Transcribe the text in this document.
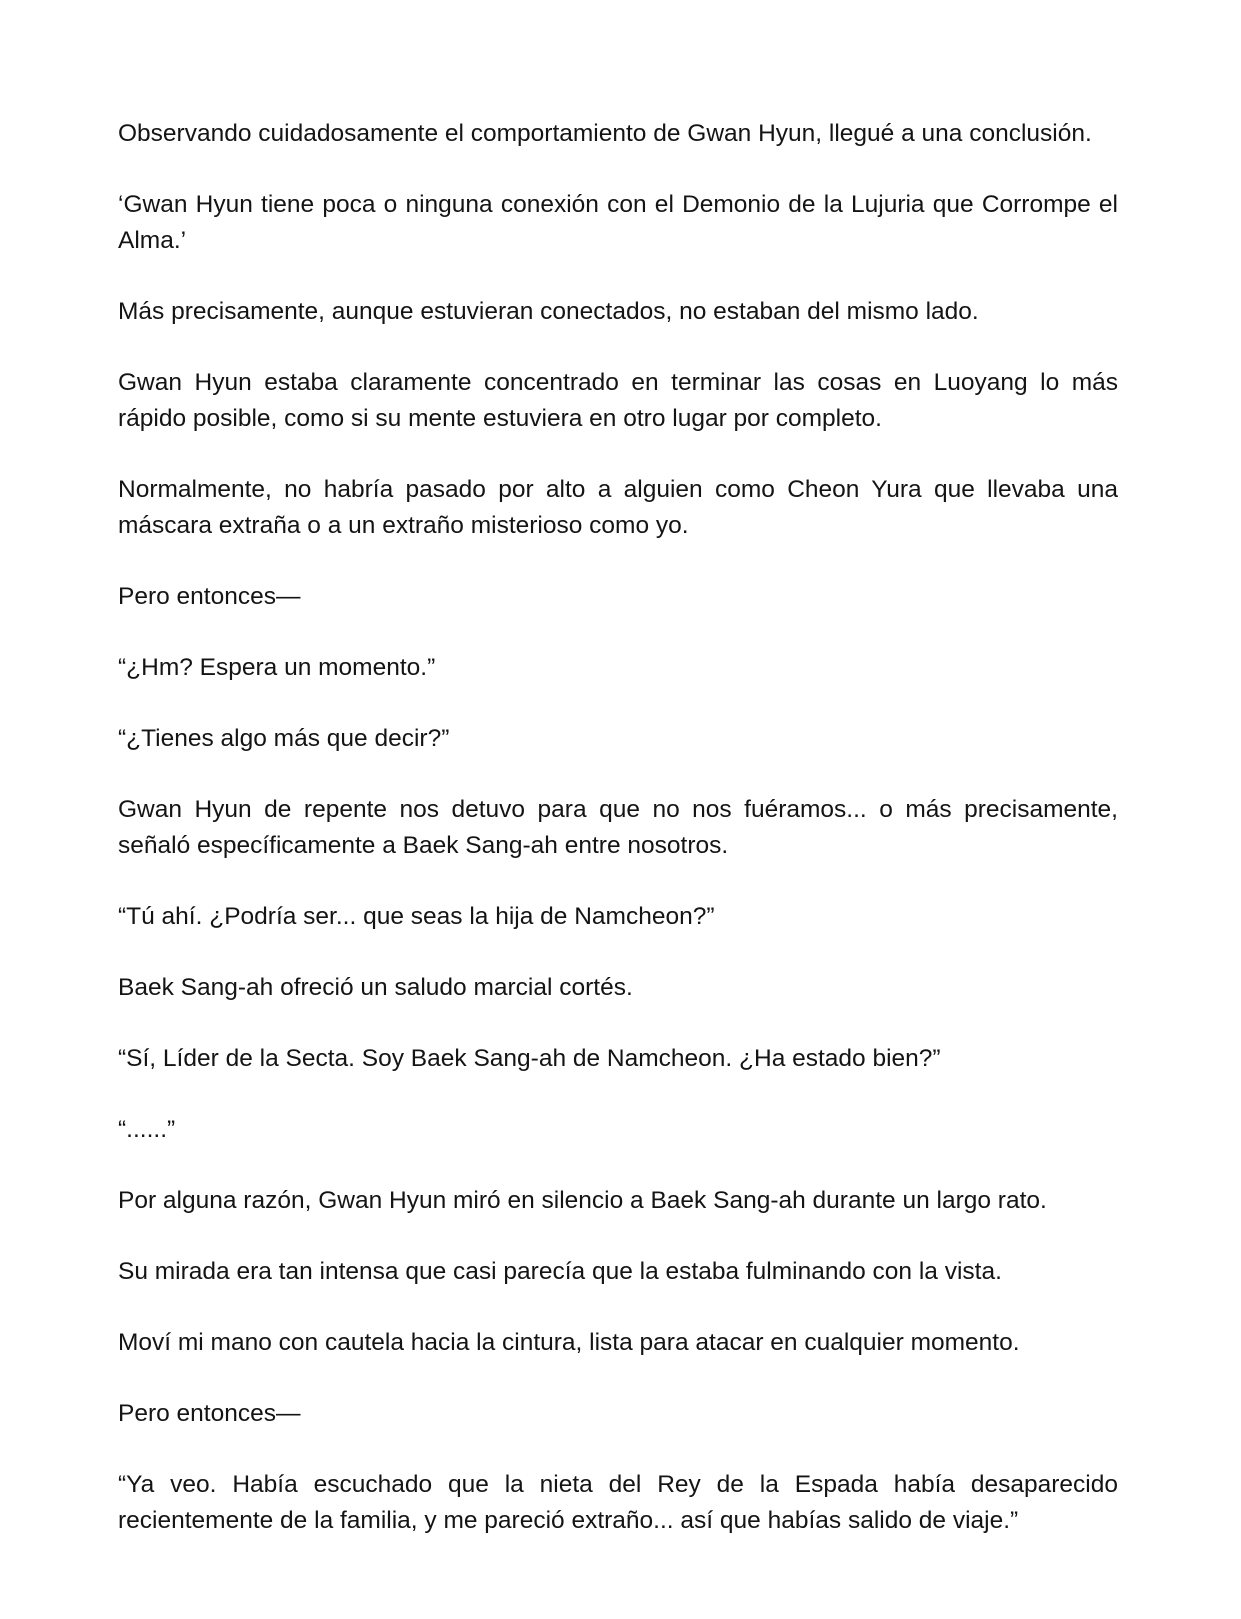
Observando cuidadosamente el comportamiento de Gwan Hyun, llegué a una conclusión.

‘Gwan Hyun tiene poca o ninguna conexión con el Demonio de la Lujuria que Corrompe el Alma.’

Más precisamente, aunque estuvieran conectados, no estaban del mismo lado.

Gwan Hyun estaba claramente concentrado en terminar las cosas en Luoyang lo más rápido posible, como si su mente estuviera en otro lugar por completo.

Normalmente, no habría pasado por alto a alguien como Cheon Yura que llevaba una máscara extraña o a un extraño misterioso como yo.

Pero entonces—

“¿Hm? Espera un momento.”

“¿Tienes algo más que decir?”

Gwan Hyun de repente nos detuvo para que no nos fuéramos... o más precisamente, señaló específicamente a Baek Sang-ah entre nosotros.

“Tú ahí. ¿Podría ser... que seas la hija de Namcheon?”

Baek Sang-ah ofreció un saludo marcial cortés.

“Sí, Líder de la Secta. Soy Baek Sang-ah de Namcheon. ¿Ha estado bien?”

“......”

Por alguna razón, Gwan Hyun miró en silencio a Baek Sang-ah durante un largo rato.

Su mirada era tan intensa que casi parecía que la estaba fulminando con la vista.

Moví mi mano con cautela hacia la cintura, lista para atacar en cualquier momento.

Pero entonces—

“Ya veo. Había escuchado que la nieta del Rey de la Espada había desaparecido recientemente de la familia, y me pareció extraño... así que habías salido de viaje.”
